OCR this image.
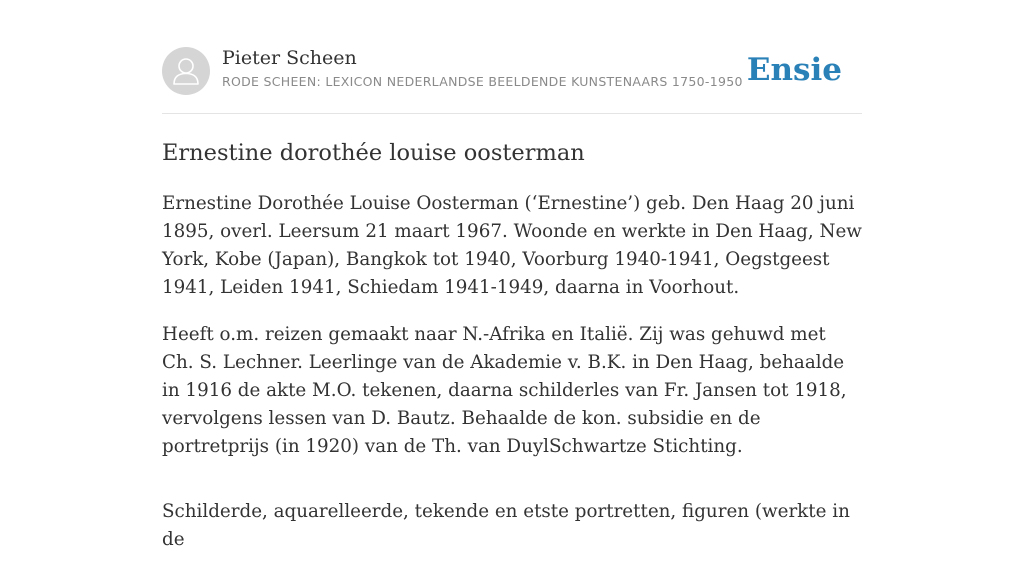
Pieter Scheen
RODE SCHEEN: LEXICON NEDERLANDSE BEELDENDE KUNSTENAARS 1750-1950 Ensie
Ernestine dorothée louise oosterman

Ernestine Dorothée Louise Oosterman (‘Ernestine’) geb. Den Haag 20 juni 1895, overl. Leersum 21 maart 1967. Woonde en werkte in Den Haag, New York, Kobe (Japan), Bangkok tot 1940, Voorburg 1940-1941, Oegstgeest 1941, Leiden 1941, Schiedam 1941-1949, daarna in Voorhout.

Heeft o.m. reizen gemaakt naar N.-Afrika en Italië. Zij was gehuwd met Ch. S. Lechner. Leerlinge van de Akademie v. B.K. in Den Haag, behaalde in 1916 de akte M.O. tekenen, daarna schilderles van Fr. Jansen tot 1918, vervolgens lessen van D. Bautz. Behaalde de kon. subsidie en de portretprijs (in 1920) van de Th. van DuylSchwartze Stichting.

Schilderde, aquarelleerde, tekende en etste portretten, figuren (werkte in de
